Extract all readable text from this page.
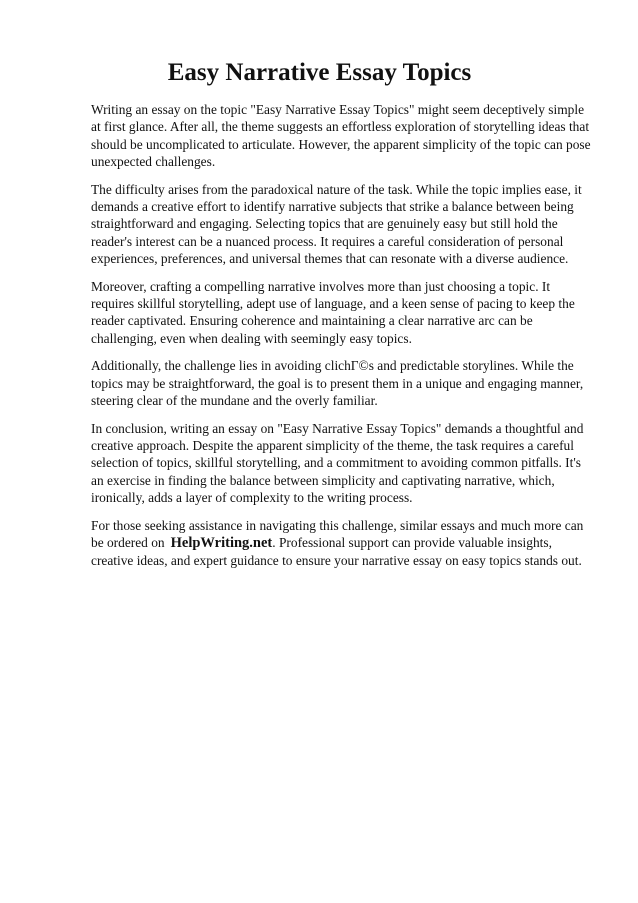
Easy Narrative Essay Topics

Writing an essay on the topic "Easy Narrative Essay Topics" might seem deceptively simple at first glance. After all, the theme suggests an effortless exploration of storytelling ideas that should be uncomplicated to articulate. However, the apparent simplicity of the topic can pose unexpected challenges.

The difficulty arises from the paradoxical nature of the task. While the topic implies ease, it demands a creative effort to identify narrative subjects that strike a balance between being straightforward and engaging. Selecting topics that are genuinely easy but still hold the reader's interest can be a nuanced process. It requires a careful consideration of personal experiences, preferences, and universal themes that can resonate with a diverse audience.

Moreover, crafting a compelling narrative involves more than just choosing a topic. It requires skillful storytelling, adept use of language, and a keen sense of pacing to keep the reader captivated. Ensuring coherence and maintaining a clear narrative arc can be challenging, even when dealing with seemingly easy topics.

Additionally, the challenge lies in avoiding clichГ©s and predictable storylines. While the topics may be straightforward, the goal is to present them in a unique and engaging manner, steering clear of the mundane and the overly familiar.

In conclusion, writing an essay on "Easy Narrative Essay Topics" demands a thoughtful and creative approach. Despite the apparent simplicity of the theme, the task requires a careful selection of topics, skillful storytelling, and a commitment to avoiding common pitfalls. It's an exercise in finding the balance between simplicity and captivating narrative, which, ironically, adds a layer of complexity to the writing process.

For those seeking assistance in navigating this challenge, similar essays and much more can be ordered on HelpWriting.net. Professional support can provide valuable insights, creative ideas, and expert guidance to ensure your narrative essay on easy topics stands out.
